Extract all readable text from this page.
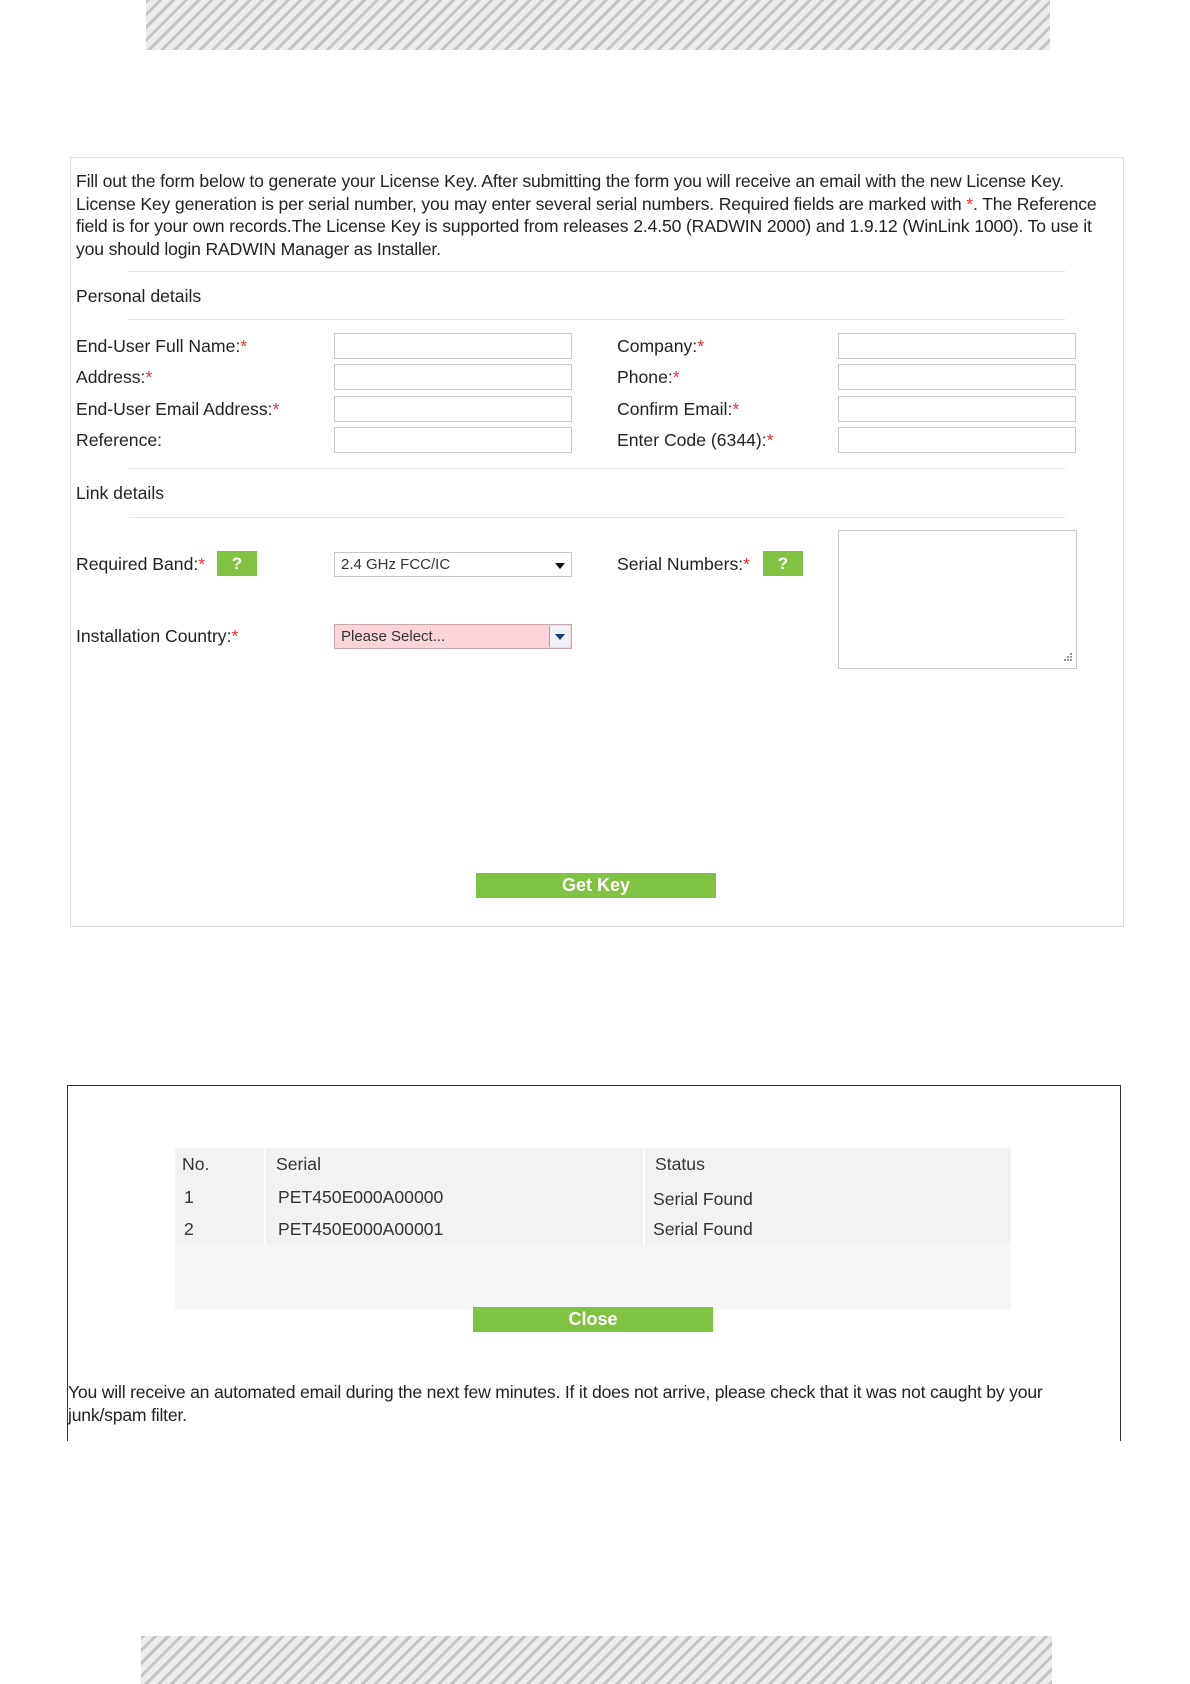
Fill out the form below to generate your License Key. After submitting the form you will receive an email with the new License Key. License Key generation is per serial number, you may enter several serial numbers. Required fields are marked with *. The Reference field is for your own records.The License Key is supported from releases 2.4.50 (RADWIN 2000) and 1.9.12 (WinLink 1000). To use it you should login RADWIN Manager as Installer.

Personal details
End-User Full Name:*	Company:*
Address:*	Phone:*
End-User Email Address:*	Confirm Email:*
Reference:	Enter Code (6344):*
Link details
Required Band:*	?	2.4 GHz FCC/IC	Serial Numbers:*	?
Installation Country:*	Please Select...
Get Key
No.	Serial	Status
1	PET450E000A00000	Serial Found
2	PET450E000A00001	Serial Found
Close

You will receive an automated email during the next few minutes. If it does not arrive, please check that it was not caught by your junk/spam filter.
